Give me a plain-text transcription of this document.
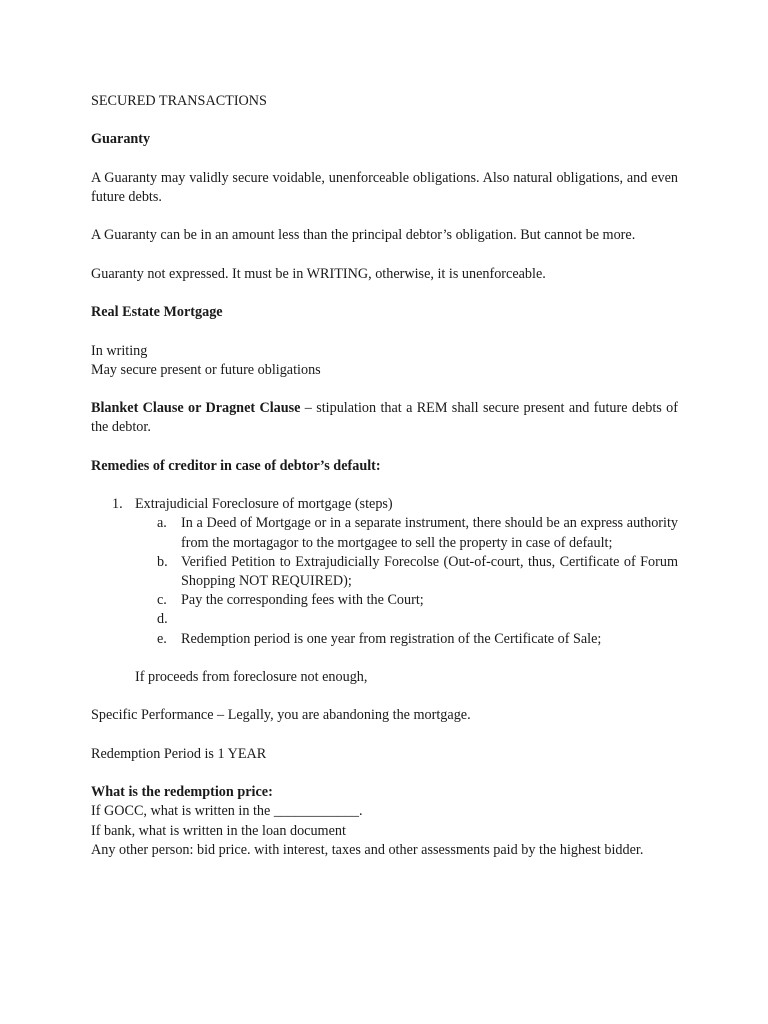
SECURED TRANSACTIONS

Guaranty

A Guaranty may validly secure voidable, unenforceable obligations. Also natural obligations, and even future debts.

A Guaranty can be in an amount less than the principal debtor’s obligation. But cannot be more.

Guaranty not expressed. It must be in WRITING, otherwise, it is unenforceable.

Real Estate Mortgage

In writing

May secure present or future obligations

Blanket Clause or Dragnet Clause – stipulation that a REM shall secure present and future debts of the debtor.

Remedies of creditor in case of debtor’s default:

1. Extrajudicial Foreclosure of mortgage (steps)
a. In a Deed of Mortgage or in a separate instrument, there should be an express authority from the mortagagor to the mortgagee to sell the property in case of default;
b. Verified Petition to Extrajudicially Forecolse (Out-of-court, thus, Certificate of Forum Shopping NOT REQUIRED);
c. Pay the corresponding fees with the Court;
d.
e. Redemption period is one year from registration of the Certificate of Sale;

If proceeds from foreclosure not enough,

Specific Performance – Legally, you are abandoning the mortgage.

Redemption Period is 1 YEAR

What is the redemption price:

If GOCC, what is written in the ____________.

If bank, what is written in the loan document

Any other person: bid price. with interest, taxes and other assessments paid by the highest bidder.
